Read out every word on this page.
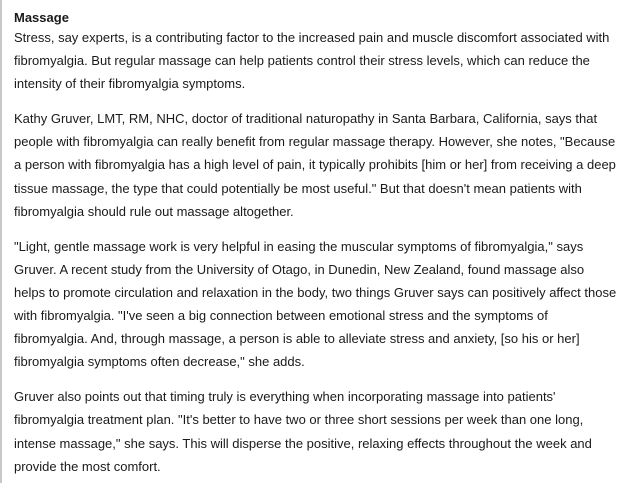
Massage

Stress, say experts, is a contributing factor to the increased pain and muscle discomfort associated with
fibromyalgia. But regular massage can help patients control their stress levels, which can reduce the
intensity of their fibromyalgia symptoms.

Kathy Gruver, LMT, RM, NHC, doctor of traditional naturopathy in Santa Barbara, California, says that
people with fibromyalgia can really benefit from regular massage therapy. However, she notes, "Because
a person with fibromyalgia has a high level of pain, it typically prohibits [him or her] from receiving a deep
tissue massage, the type that could potentially be most useful." But that doesn't mean patients with
fibromyalgia should rule out massage altogether.

"Light, gentle massage work is very helpful in easing the muscular symptoms of fibromyalgia," says
Gruver. A recent study from the University of Otago, in Dunedin, New Zealand, found massage also
helps to promote circulation and relaxation in the body, two things Gruver says can positively affect those
with fibromyalgia. "I've seen a big connection between emotional stress and the symptoms of
fibromyalgia. And, through massage, a person is able to alleviate stress and anxiety, [so his or her]
fibromyalgia symptoms often decrease," she adds.

Gruver also points out that timing truly is everything when incorporating massage into patients'
fibromyalgia treatment plan. "It's better to have two or three short sessions per week than one long,
intense massage," she says. This will disperse the positive, relaxing effects throughout the week and
provide the most comfort.
